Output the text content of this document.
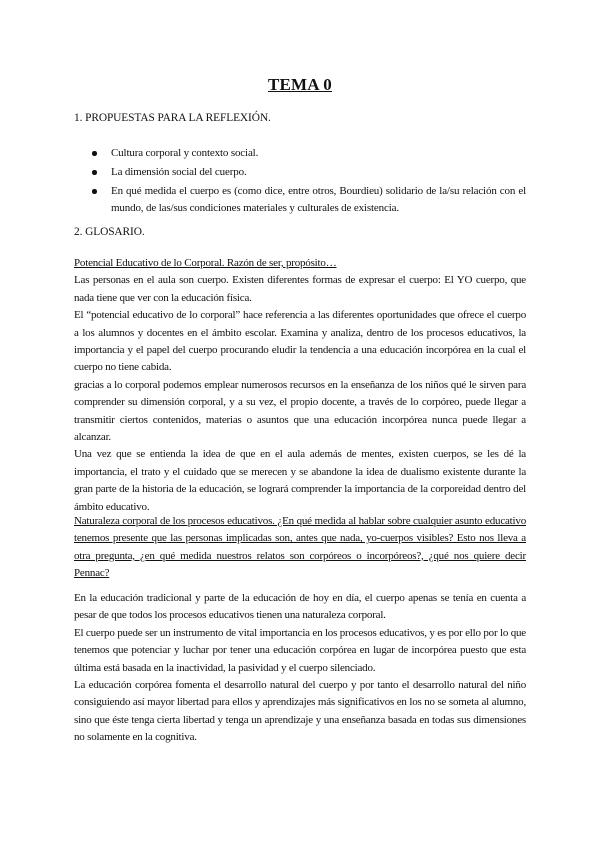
TEMA 0
1. PROPUESTAS PARA LA REFLEXIÓN.
Cultura corporal y contexto social.
La dimensión social del cuerpo.
En qué medida el cuerpo es (como dice, entre otros, Bourdieu) solidario de la/su relación con el mundo, de las/sus condiciones materiales y culturales de existencia.
2. GLOSARIO.

Potencial Educativo de lo Corporal. Razón de ser, propósito…

Las personas en el aula son cuerpo. Existen diferentes formas de expresar el cuerpo: El YO cuerpo, que nada tiene que ver con la educación física.

El “potencial educativo de lo corporal” hace referencia a las diferentes oportunidades que ofrece el cuerpo a los alumnos y docentes en el ámbito escolar. Examina y analiza, dentro de los procesos educativos, la importancia y el papel del cuerpo procurando eludir la tendencia a una educación incorpórea en la cual el cuerpo no tiene cabida.

gracias a lo corporal podemos emplear numerosos recursos en la enseñanza de los niños qué le sirven para comprender su dimensión corporal, y a su vez, el propio docente, a través de lo corpóreo, puede llegar a transmitir ciertos contenidos, materias o asuntos que una educación incorpórea nunca puede llegar a alcanzar.

Una vez que se entienda la idea de que en el aula además de mentes, existen cuerpos, se les dé la importancia, el trato y el cuidado que se merecen y se abandone la idea de dualismo existente durante la gran parte de la historia de la educación, se logrará comprender la importancia de la corporeidad dentro del ámbito educativo.

Naturaleza corporal de los procesos educativos. ¿En qué medida al hablar sobre cualquier asunto educativo tenemos presente que las personas implicadas son, antes que nada, yo-cuerpos visibles? Esto nos lleva a otra pregunta, ¿en qué medida nuestros relatos son corpóreos o incorpóreos?, ¿qué nos quiere decir Pennac?

En la educación tradicional y parte de la educación de hoy en día, el cuerpo apenas se tenía en cuenta a pesar de que todos los procesos educativos tienen una naturaleza corporal.

El cuerpo puede ser un instrumento de vital importancia en los procesos educativos, y es por ello por lo que tenemos que potenciar y luchar por tener una educación corpórea en lugar de incorpórea puesto que esta última está basada en la inactividad, la pasividad y el cuerpo silenciado.

La educación corpórea fomenta el desarrollo natural del cuerpo y por tanto el desarrollo natural del niño consiguiendo así mayor libertad para ellos y aprendizajes más significativos en los no se someta al alumno, sino que éste tenga cierta libertad y tenga un aprendizaje y una enseñanza basada en todas sus dimensiones no solamente en la cognitiva.
